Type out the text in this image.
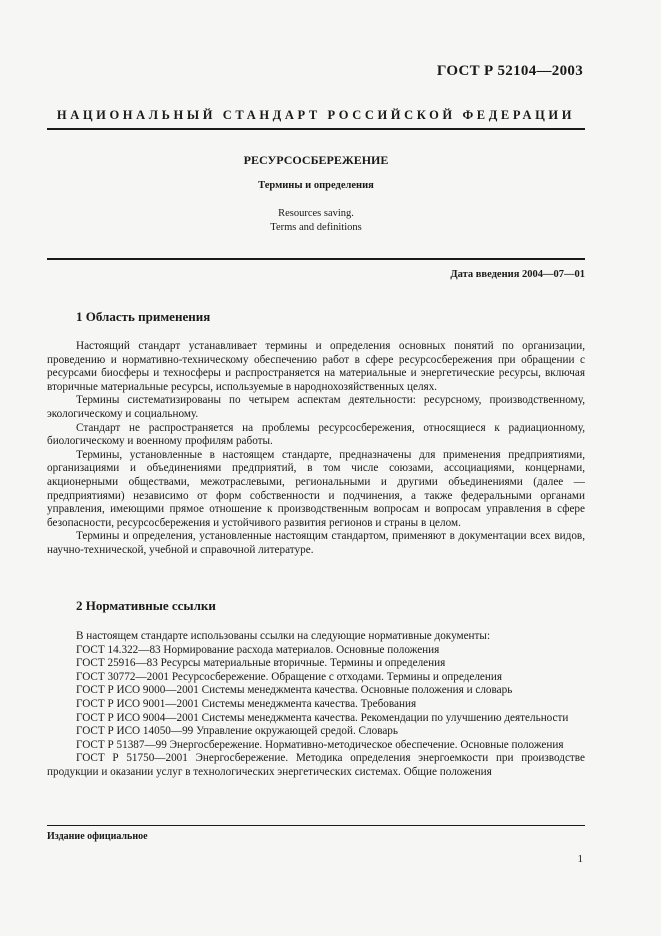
ГОСТ Р 52104—2003
НАЦИОНАЛЬНЫЙ СТАНДАРТ РОССИЙСКОЙ ФЕДЕРАЦИИ
РЕСУРСОСБЕРЕЖЕНИЕ
Термины и определения
Resources saving.
Terms and definitions
Дата введения 2004—07—01
1 Область применения

Настоящий стандарт устанавливает термины и определения основных понятий по организации, проведению и нормативно-техническому обеспечению работ в сфере ресурсосбережения при обращении с ресурсами биосферы и техносферы и распространяется на материальные и энергетические ресурсы, включая вторичные материальные ресурсы, используемые в народнохозяйственных целях.

Термины систематизированы по четырем аспектам деятельности: ресурсному, производственному, экологическому и социальному.

Стандарт не распространяется на проблемы ресурсосбережения, относящиеся к радиационному, биологическому и военному профилям работы.

Термины, установленные в настоящем стандарте, предназначены для применения предприятиями, организациями и объединениями предприятий, в том числе союзами, ассоциациями, концернами, акционерными обществами, межотраслевыми, региональными и другими объединениями (далее — предприятиями) независимо от форм собственности и подчинения, а также федеральными органами управления, имеющими прямое отношение к производственным вопросам и вопросам управления в сфере безопасности, ресурсосбережения и устойчивого развития регионов и страны в целом.

Термины и определения, установленные настоящим стандартом, применяют в документации всех видов, научно-технической, учебной и справочной литературе.

2 Нормативные ссылки

В настоящем стандарте использованы ссылки на следующие нормативные документы:

ГОСТ 14.322—83 Нормирование расхода материалов. Основные положения

ГОСТ 25916—83 Ресурсы материальные вторичные. Термины и определения

ГОСТ 30772—2001 Ресурсосбережение. Обращение с отходами. Термины и определения

ГОСТ Р ИСО 9000—2001 Системы менеджмента качества. Основные положения и словарь

ГОСТ Р ИСО 9001—2001 Системы менеджмента качества. Требования

ГОСТ Р ИСО 9004—2001 Системы менеджмента качества. Рекомендации по улучшению деятельности

ГОСТ Р ИСО 14050—99 Управление окружающей средой. Словарь

ГОСТ Р 51387—99 Энергосбережение. Нормативно-методическое обеспечение. Основные положения

ГОСТ Р 51750—2001 Энергосбережение. Методика определения энергоемкости при производстве продукции и оказании услуг в технологических энергетических системах. Общие положения

Издание официальное
1
